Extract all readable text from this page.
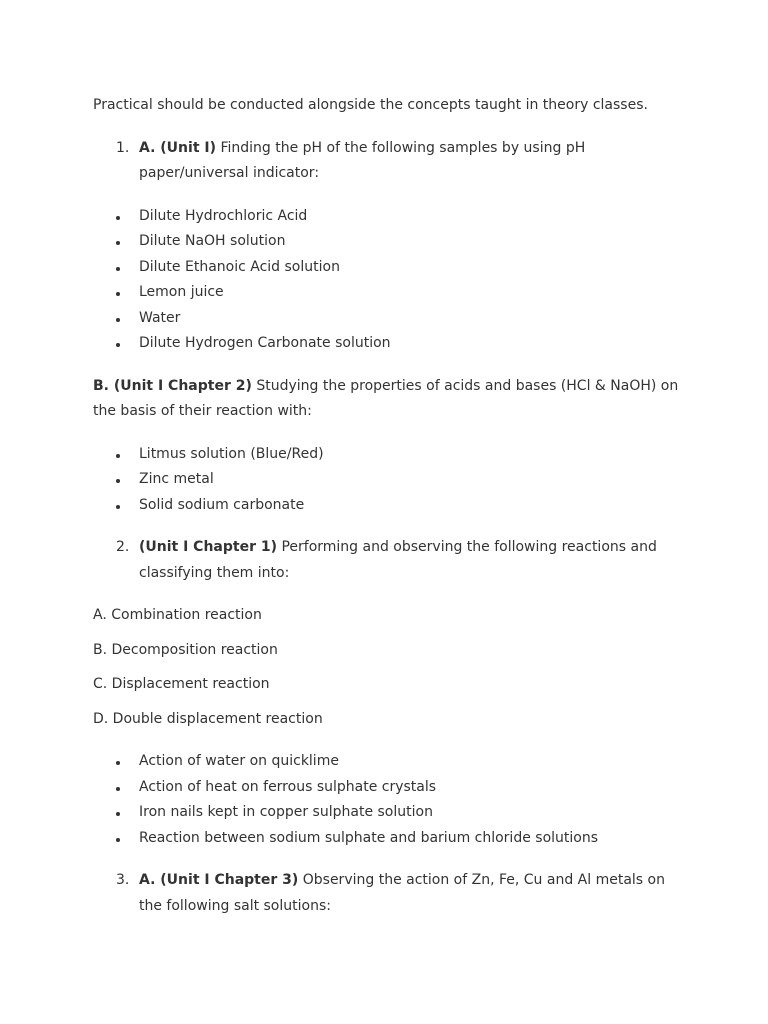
Practical should be conducted alongside the concepts taught in theory classes.

1. A. (Unit I) Finding the pH of the following samples by using pH paper/universal indicator:
Dilute Hydrochloric Acid
Dilute NaOH solution
Dilute Ethanoic Acid solution
Lemon juice
Water
Dilute Hydrogen Carbonate solution

B. (Unit I Chapter 2) Studying the properties of acids and bases (HCl & NaOH) on the basis of their reaction with:

Litmus solution (Blue/Red)
Zinc metal
Solid sodium carbonate
2. (Unit I Chapter 1) Performing and observing the following reactions and classifying them into:

A. Combination reaction

B. Decomposition reaction

C. Displacement reaction

D. Double displacement reaction

Action of water on quicklime
Action of heat on ferrous sulphate crystals
Iron nails kept in copper sulphate solution
Reaction between sodium sulphate and barium chloride solutions
3. A. (Unit I Chapter 3) Observing the action of Zn, Fe, Cu and Al metals on the following salt solutions:
